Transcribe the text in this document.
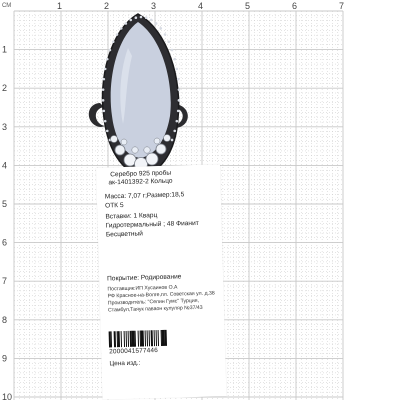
1	2	3	4	5	6	7
1
2
3
4
5
6
7
8
9
10
СМ
Серебро 925 пробы
ак-1401392-2 Кольцо
Масса: 7,07 г;Размер:18,5
ОТК 5
Вставки: 1 Кварц
Гидротермальный ; 48 Фианит
Бесцветный
Покрытие: Родирование
Поставщик:ИП Хусаинов О.А
РФ Красное-на-Волге,пл. Советская ул. д.38
Производитель: "Селин Гумс" Турция,
Стамбул,Таяук паваон кулуляр №37/43
2000041577446
Цена изд.:
